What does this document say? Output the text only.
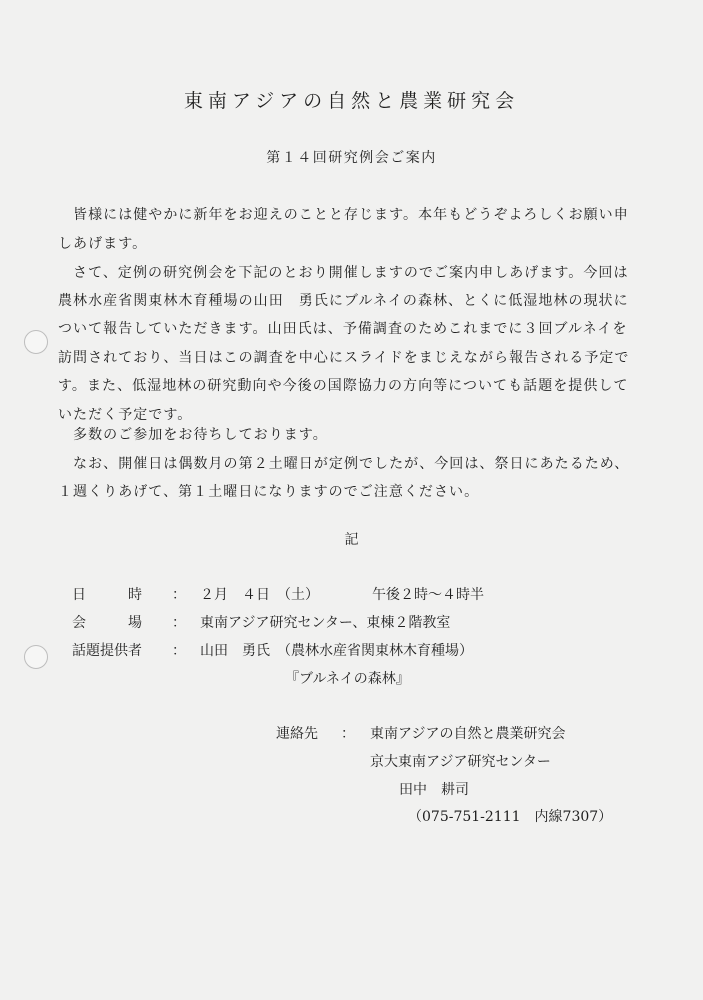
東南アジアの自然と農業研究会
第１４回研究例会ご案内
　皆様には健やかに新年をお迎えのことと存じます。本年もどうぞよろしくお願い申
しあげます。
　さて、定例の研究例会を下記のとおり開催しますのでご案内申しあげます。今回は
農林水産省関東林木育種場の山田　勇氏にブルネイの森林、とくに低湿地林の現状に
ついて報告していただきます。山田氏は、予備調査のためこれまでに３回ブルネイを
訪問されており、当日はこの調査を中心にスライドをまじえながら報告される予定で
す。また、低湿地林の研究動向や今後の国際協力の方向等についても話題を提供して
いただく予定です。
　多数のご参加をお待ちしております。
　なお、開催日は偶数月の第２土曜日が定例でしたが、今回は、祭日にあたるため、
１週くりあげて、第１土曜日になりますのでご注意ください。
記
日　　　時 ： ２月　４日　（土）	午後２時～４時半
会　　　場 ： 東南アジア研究センター、東棟２階教室
話題提供者 ： 山田　勇氏　（農林水産省関東林木育種場）
『ブルネイの森林』
連絡先 ： 東南アジアの自然と農業研究会
京大東南アジア研究センター
田中　耕司
（075-751-2111　内線7307）
